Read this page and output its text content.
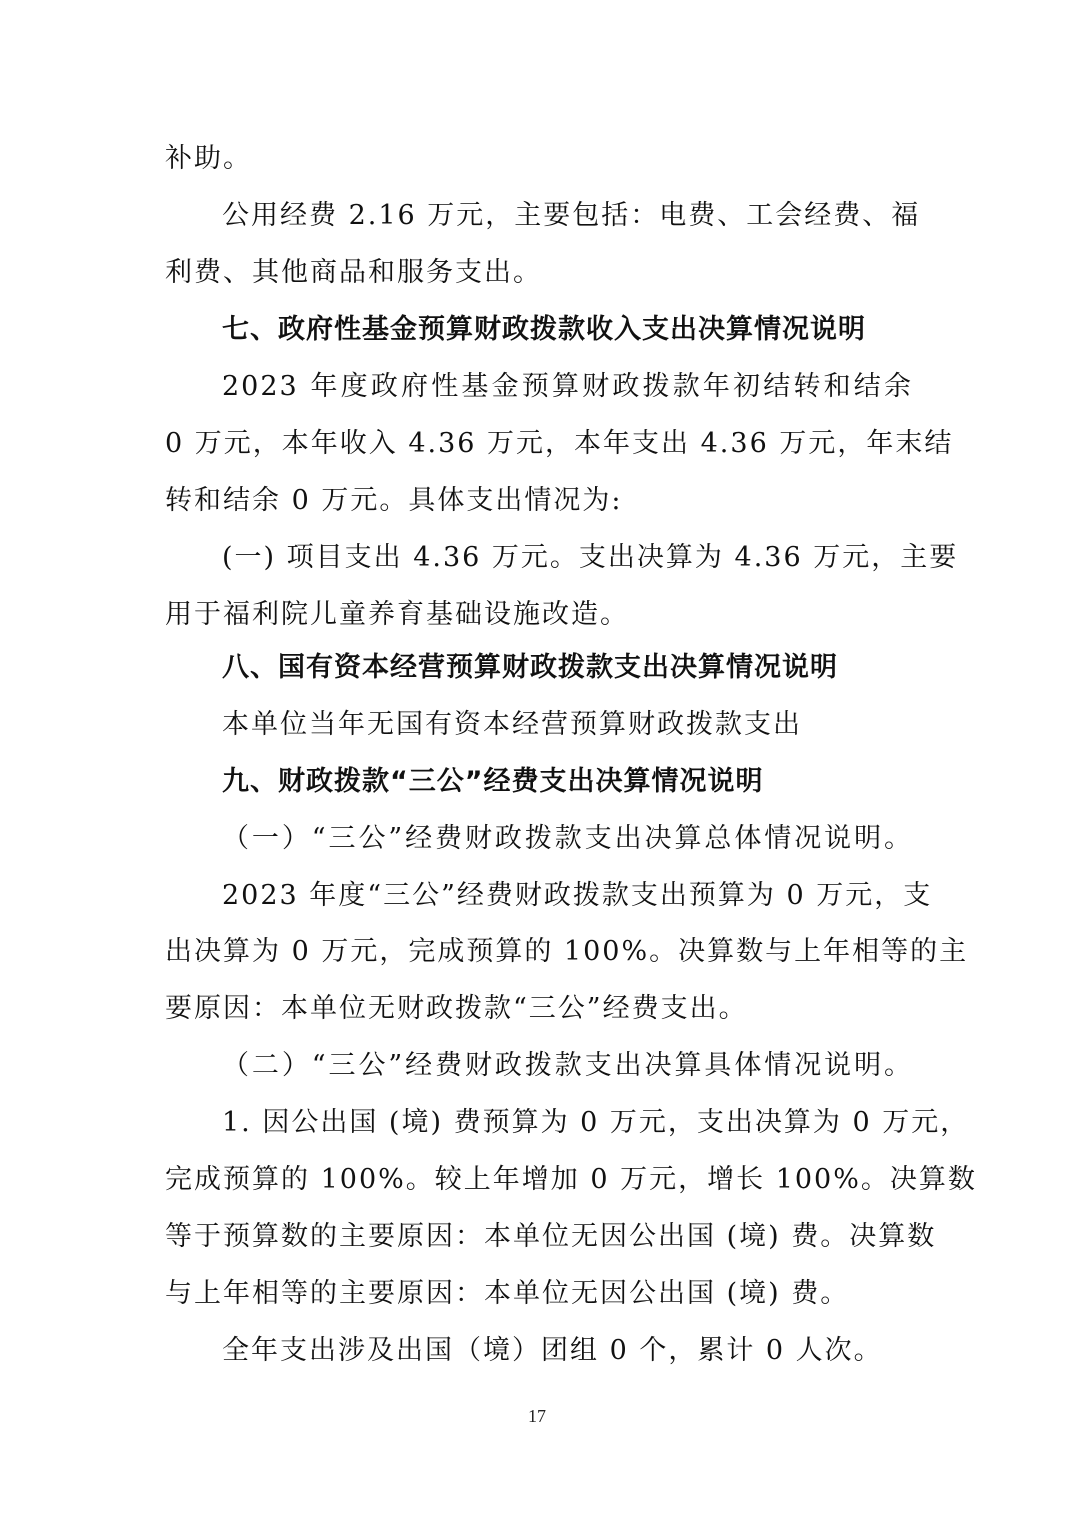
补助。
公用经费 2.16 万元，主要包括：电费、工会经费、福
利费、其他商品和服务支出。
七、政府性基金预算财政拨款收入支出决算情况说明
2023 年度政府性基金预算财政拨款年初结转和结余
0 万元，本年收入 4.36 万元，本年支出 4.36 万元，年末结
转和结余 0 万元。具体支出情况为:
(一) 项目支出 4.36 万元。支出决算为 4.36 万元，主要
用于福利院儿童养育基础设施改造。
八、国有资本经营预算财政拨款支出决算情况说明
本单位当年无国有资本经营预算财政拨款支出
九、财政拨款“三公”经费支出决算情况说明
（一）“三公”经费财政拨款支出决算总体情况说明。
2023 年度“三公”经费财政拨款支出预算为 0 万元，支
出决算为 0 万元，完成预算的 100%。决算数与上年相等的主
要原因：本单位无财政拨款“三公”经费支出。
（二）“三公”经费财政拨款支出决算具体情况说明。
1. 因公出国 (境) 费预算为 0 万元，支出决算为 0 万元，
完成预算的 100%。较上年增加 0 万元，增长 100%。决算数
等于预算数的主要原因：本单位无因公出国 (境) 费。决算数
与上年相等的主要原因：本单位无因公出国 (境) 费。
全年支出涉及出国（境）团组 0 个，累计 0 人次。
17
